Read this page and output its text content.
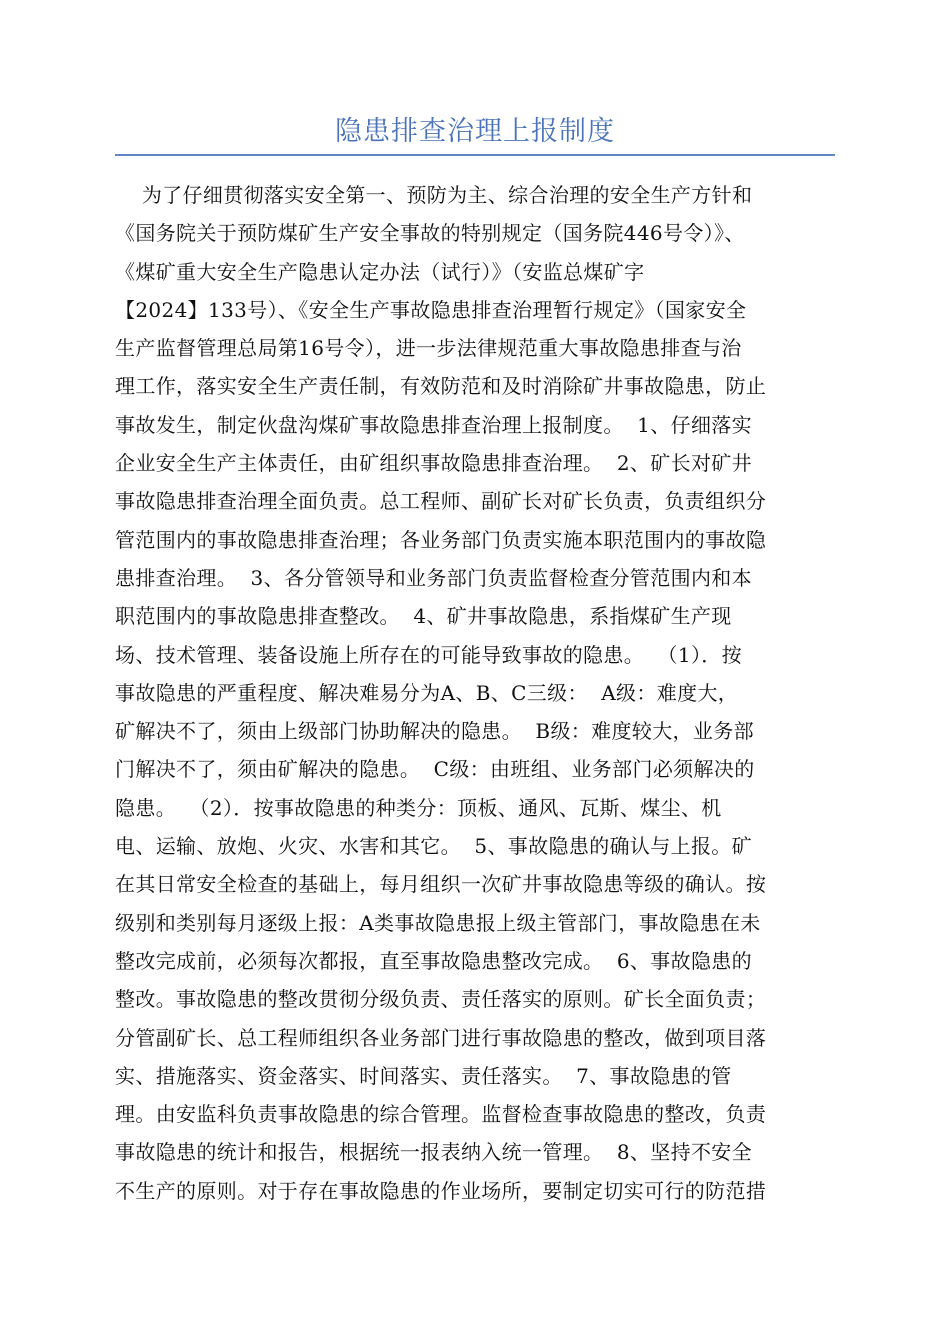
隐患排查治理上报制度
为了仔细贯彻落实安全第一、预防为主、综合治理的安全生产方针和
《国务院关于预防煤矿生产安全事故的特别规定（国务院446号令）》、
《煤矿重大安全生产隐患认定办法（试行）》（安监总煤矿字
【2024】133号）、《安全生产事故隐患排查治理暂行规定》（国家安全
生产监督管理总局第16号令），进一步法律规范重大事故隐患排查与治
理工作，落实安全生产责任制，有效防范和及时消除矿井事故隐患，防止
事故发生，制定伙盘沟煤矿事故隐患排查治理上报制度。  1、仔细落实
企业安全生产主体责任，由矿组织事故隐患排查治理。  2、矿长对矿井
事故隐患排查治理全面负责。总工程师、副矿长对矿长负责，负责组织分
管范围内的事故隐患排查治理；各业务部门负责实施本职范围内的事故隐
患排查治理。  3、各分管领导和业务部门负责监督检查分管范围内和本
职范围内的事故隐患排查整改。  4、矿井事故隐患，系指煤矿生产现
场、技术管理、装备设施上所存在的可能导致事故的隐患。  （1）．按
事故隐患的严重程度、解决难易分为A、B、C三级：  A级：难度大，
矿解决不了，须由上级部门协助解决的隐患。  B级：难度较大，业务部
门解决不了，须由矿解决的隐患。  C级：由班组、业务部门必须解决的
隐患。  （2）．按事故隐患的种类分：顶板、通风、瓦斯、煤尘、机
电、运输、放炮、火灾、水害和其它。  5、事故隐患的确认与上报。矿
在其日常安全检查的基础上，每月组织一次矿井事故隐患等级的确认。按
级别和类别每月逐级上报：A类事故隐患报上级主管部门，事故隐患在未
整改完成前，必须每次都报，直至事故隐患整改完成。  6、事故隐患的
整改。事故隐患的整改贯彻分级负责、责任落实的原则。矿长全面负责；
分管副矿长、总工程师组织各业务部门进行事故隐患的整改，做到项目落
实、措施落实、资金落实、时间落实、责任落实。  7、事故隐患的管
理。由安监科负责事故隐患的综合管理。监督检查事故隐患的整改，负责
事故隐患的统计和报告，根据统一报表纳入统一管理。  8、坚持不安全
不生产的原则。对于存在事故隐患的作业场所，要制定切实可行的防范措
